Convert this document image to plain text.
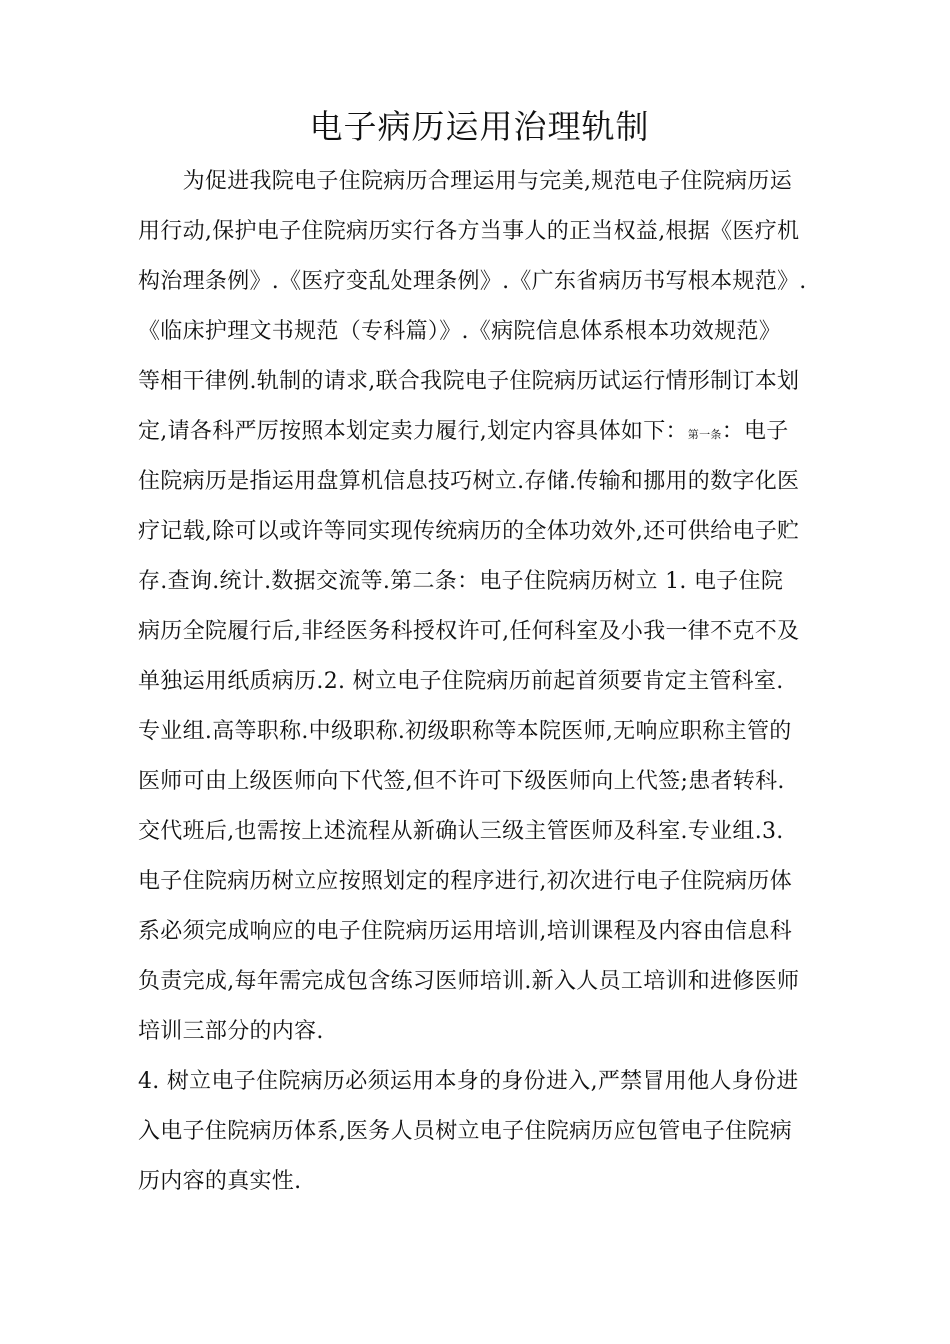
电子病历运用治理轨制
　　为促进我院电子住院病历合理运用与完美,规范电子住院病历运
用行动,保护电子住院病历实行各方当事人的正当权益,根据《医疗机
构治理条例》.《医疗变乱处理条例》.《广东省病历书写根本规范》.
《临床护理文书规范（专科篇）》.《病院信息体系根本功效规范》
等相干律例.轨制的请求,联合我院电子住院病历试运行情形制订本划
定,请各科严厉按照本划定卖力履行,划定内容具体如下：第一条：电子
住院病历是指运用盘算机信息技巧树立.存储.传输和挪用的数字化医
疗记载,除可以或许等同实现传统病历的全体功效外,还可供给电子贮
存.查询.统计.数据交流等.第二条：电子住院病历树立 1. 电子住院
病历全院履行后,非经医务科授权许可,任何科室及小我一律不克不及
单独运用纸质病历.2. 树立电子住院病历前起首须要肯定主管科室.
专业组.高等职称.中级职称.初级职称等本院医师,无响应职称主管的
医师可由上级医师向下代签,但不许可下级医师向上代签;患者转科.
交代班后,也需按上述流程从新确认三级主管医师及科室.专业组.3.
电子住院病历树立应按照划定的程序进行,初次进行电子住院病历体
系必须完成响应的电子住院病历运用培训,培训课程及内容由信息科
负责完成,每年需完成包含练习医师培训.新入人员工培训和进修医师
培训三部分的内容.
4. 树立电子住院病历必须运用本身的身份进入,严禁冒用他人身份进
入电子住院病历体系,医务人员树立电子住院病历应包管电子住院病
历内容的真实性.
